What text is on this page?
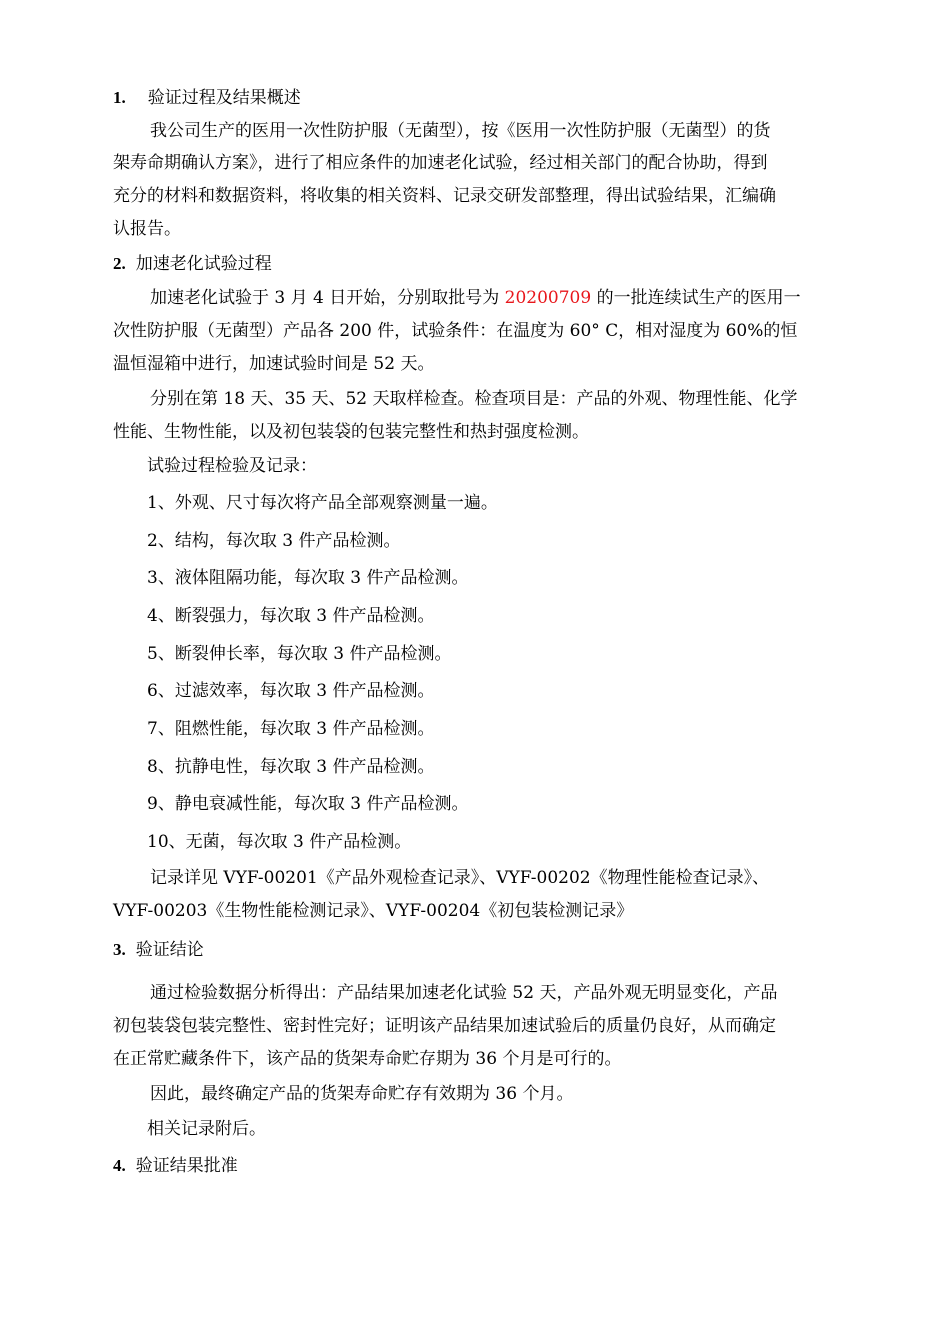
1. 验证过程及结果概述
我公司生产的医用一次性防护服（无菌型），按《医用一次性防护服（无菌型）的货
架寿命期确认方案》，进行了相应条件的加速老化试验，经过相关部门的配合协助，得到
充分的材料和数据资料，将收集的相关资料、记录交研发部整理，得出试验结果，汇编确
认报告。
2. 加速老化试验过程
加速老化试验于 3 月 4 日开始，分别取批号为 20200709 的一批连续试生产的医用一
次性防护服（无菌型）产品各 200 件，试验条件：在温度为 60° C，相对湿度为 60%的恒
温恒湿箱中进行，加速试验时间是 52 天。
分别在第 18 天、35 天、52 天取样检查。检查项目是：产品的外观、物理性能、化学
性能、生物性能，以及初包装袋的包装完整性和热封强度检测。
试验过程检验及记录：
1、外观、尺寸每次将产品全部观察测量一遍。
2、结构，每次取 3 件产品检测。
3、液体阻隔功能，每次取 3 件产品检测。
4、断裂强力，每次取 3 件产品检测。
5、断裂伸长率，每次取 3 件产品检测。
6、过滤效率，每次取 3 件产品检测。
7、阻燃性能，每次取 3 件产品检测。
8、抗静电性，每次取 3 件产品检测。
9、静电衰减性能，每次取 3 件产品检测。
10、无菌，每次取 3 件产品检测。
记录详见 VYF-00201《产品外观检查记录》、VYF-00202《物理性能检查记录》、
VYF-00203《生物性能检测记录》、VYF-00204《初包装检测记录》
3. 验证结论
通过检验数据分析得出：产品结果加速老化试验 52 天，产品外观无明显变化，产品
初包装袋包装完整性、密封性完好；证明该产品结果加速试验后的质量仍良好，从而确定
在正常贮藏条件下，该产品的货架寿命贮存期为 36 个月是可行的。
因此，最终确定产品的货架寿命贮存有效期为 36 个月。
相关记录附后。
4. 验证结果批准
